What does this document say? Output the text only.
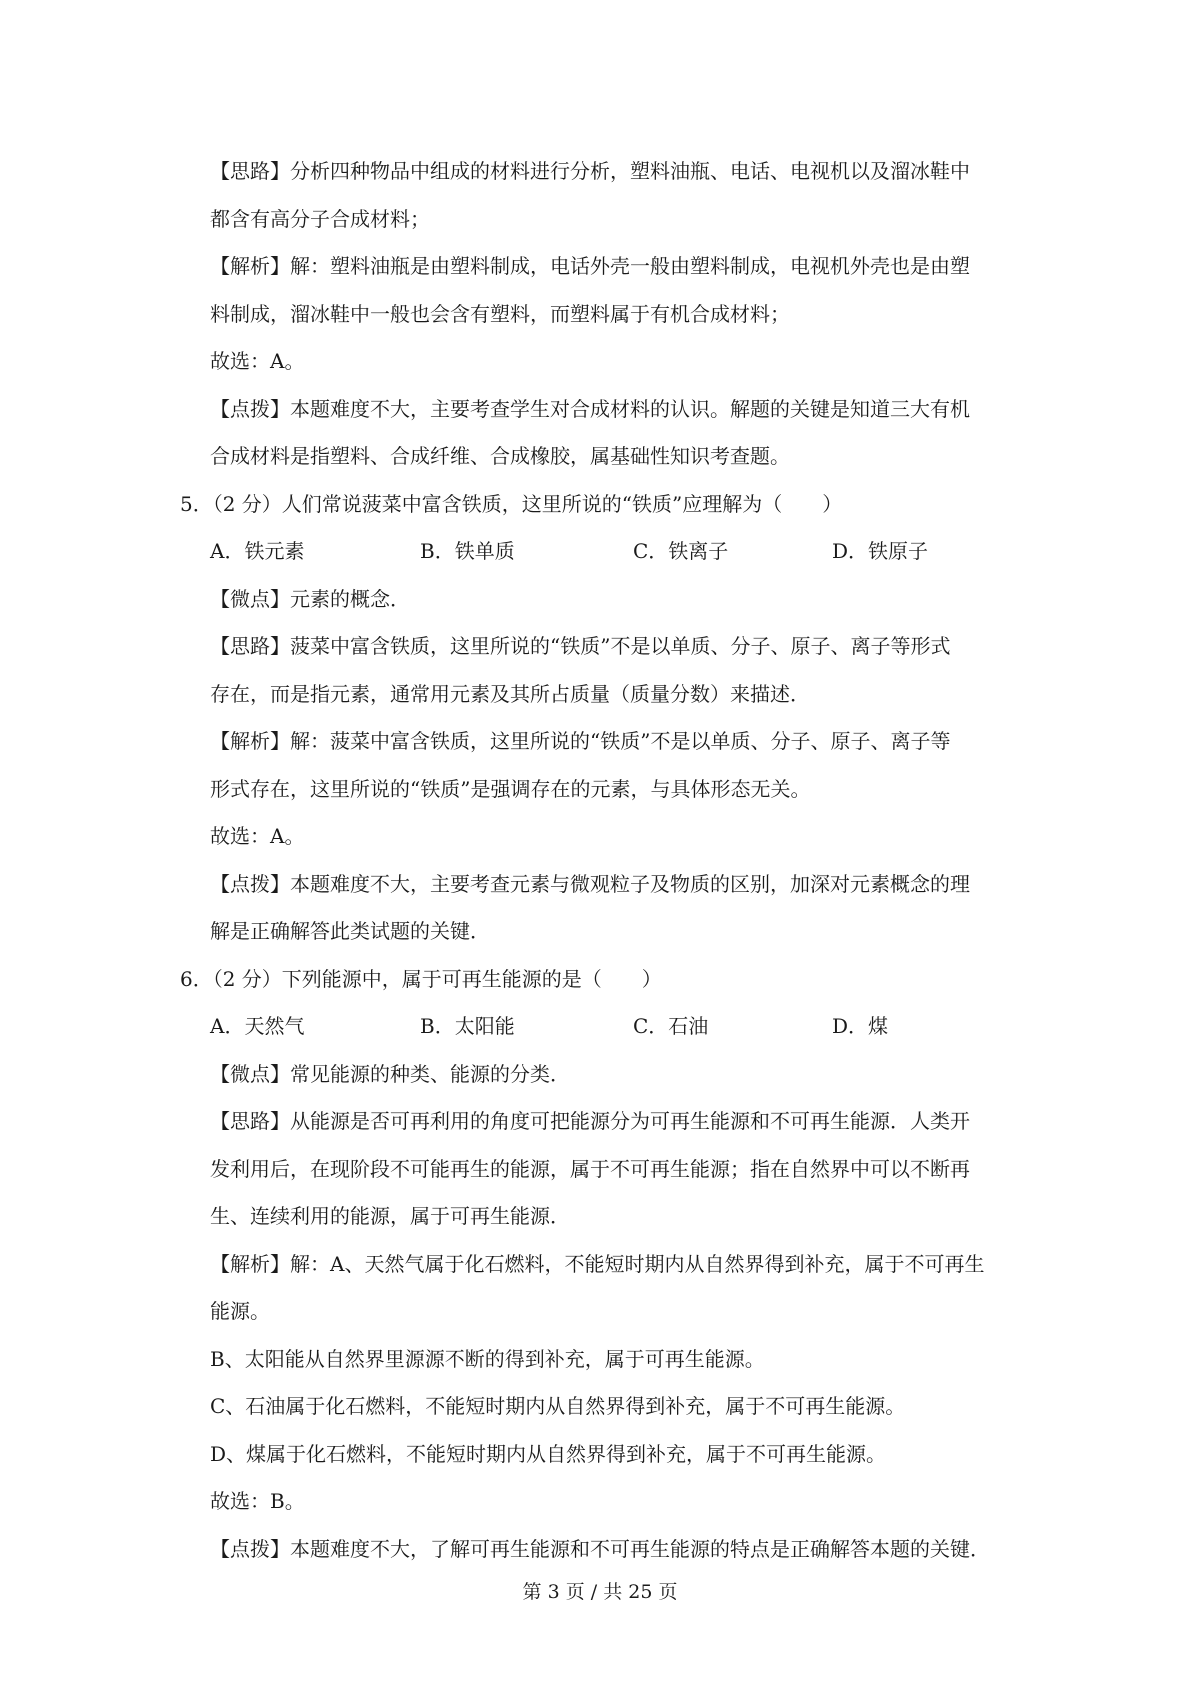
【思路】分析四种物品中组成的材料进行分析，塑料油瓶、电话、电视机以及溜冰鞋中
都含有高分子合成材料；
【解析】解：塑料油瓶是由塑料制成，电话外壳一般由塑料制成，电视机外壳也是由塑
料制成，溜冰鞋中一般也会含有塑料，而塑料属于有机合成材料；
故选：A。
【点拨】本题难度不大，主要考查学生对合成材料的认识。解题的关键是知道三大有机
合成材料是指塑料、合成纤维、合成橡胶，属基础性知识考查题。
5．（2 分）人们常说菠菜中富含铁质，这里所说的“铁质”应理解为（　　）
A．铁元素	B．铁单质	C．铁离子	D．铁原子
【微点】元素的概念．
【思路】菠菜中富含铁质，这里所说的“铁质”不是以单质、分子、原子、离子等形式
存在，而是指元素，通常用元素及其所占质量（质量分数）来描述．
【解析】解：菠菜中富含铁质，这里所说的“铁质”不是以单质、分子、原子、离子等
形式存在，这里所说的“铁质”是强调存在的元素，与具体形态无关。
故选：A。
【点拨】本题难度不大，主要考查元素与微观粒子及物质的区别，加深对元素概念的理
解是正确解答此类试题的关键．
6．（2 分）下列能源中，属于可再生能源的是（　　）
A．天然气	B．太阳能	C．石油	D．煤
【微点】常见能源的种类、能源的分类．
【思路】从能源是否可再利用的角度可把能源分为可再生能源和不可再生能源．人类开
发利用后，在现阶段不可能再生的能源，属于不可再生能源；指在自然界中可以不断再
生、连续利用的能源，属于可再生能源．
【解析】解：A、天然气属于化石燃料，不能短时期内从自然界得到补充，属于不可再生
能源。
B、太阳能从自然界里源源不断的得到补充，属于可再生能源。
C、石油属于化石燃料，不能短时期内从自然界得到补充，属于不可再生能源。
D、煤属于化石燃料，不能短时期内从自然界得到补充，属于不可再生能源。
故选：B。
【点拨】本题难度不大，了解可再生能源和不可再生能源的特点是正确解答本题的关键．
第 3 页 / 共 25 页
